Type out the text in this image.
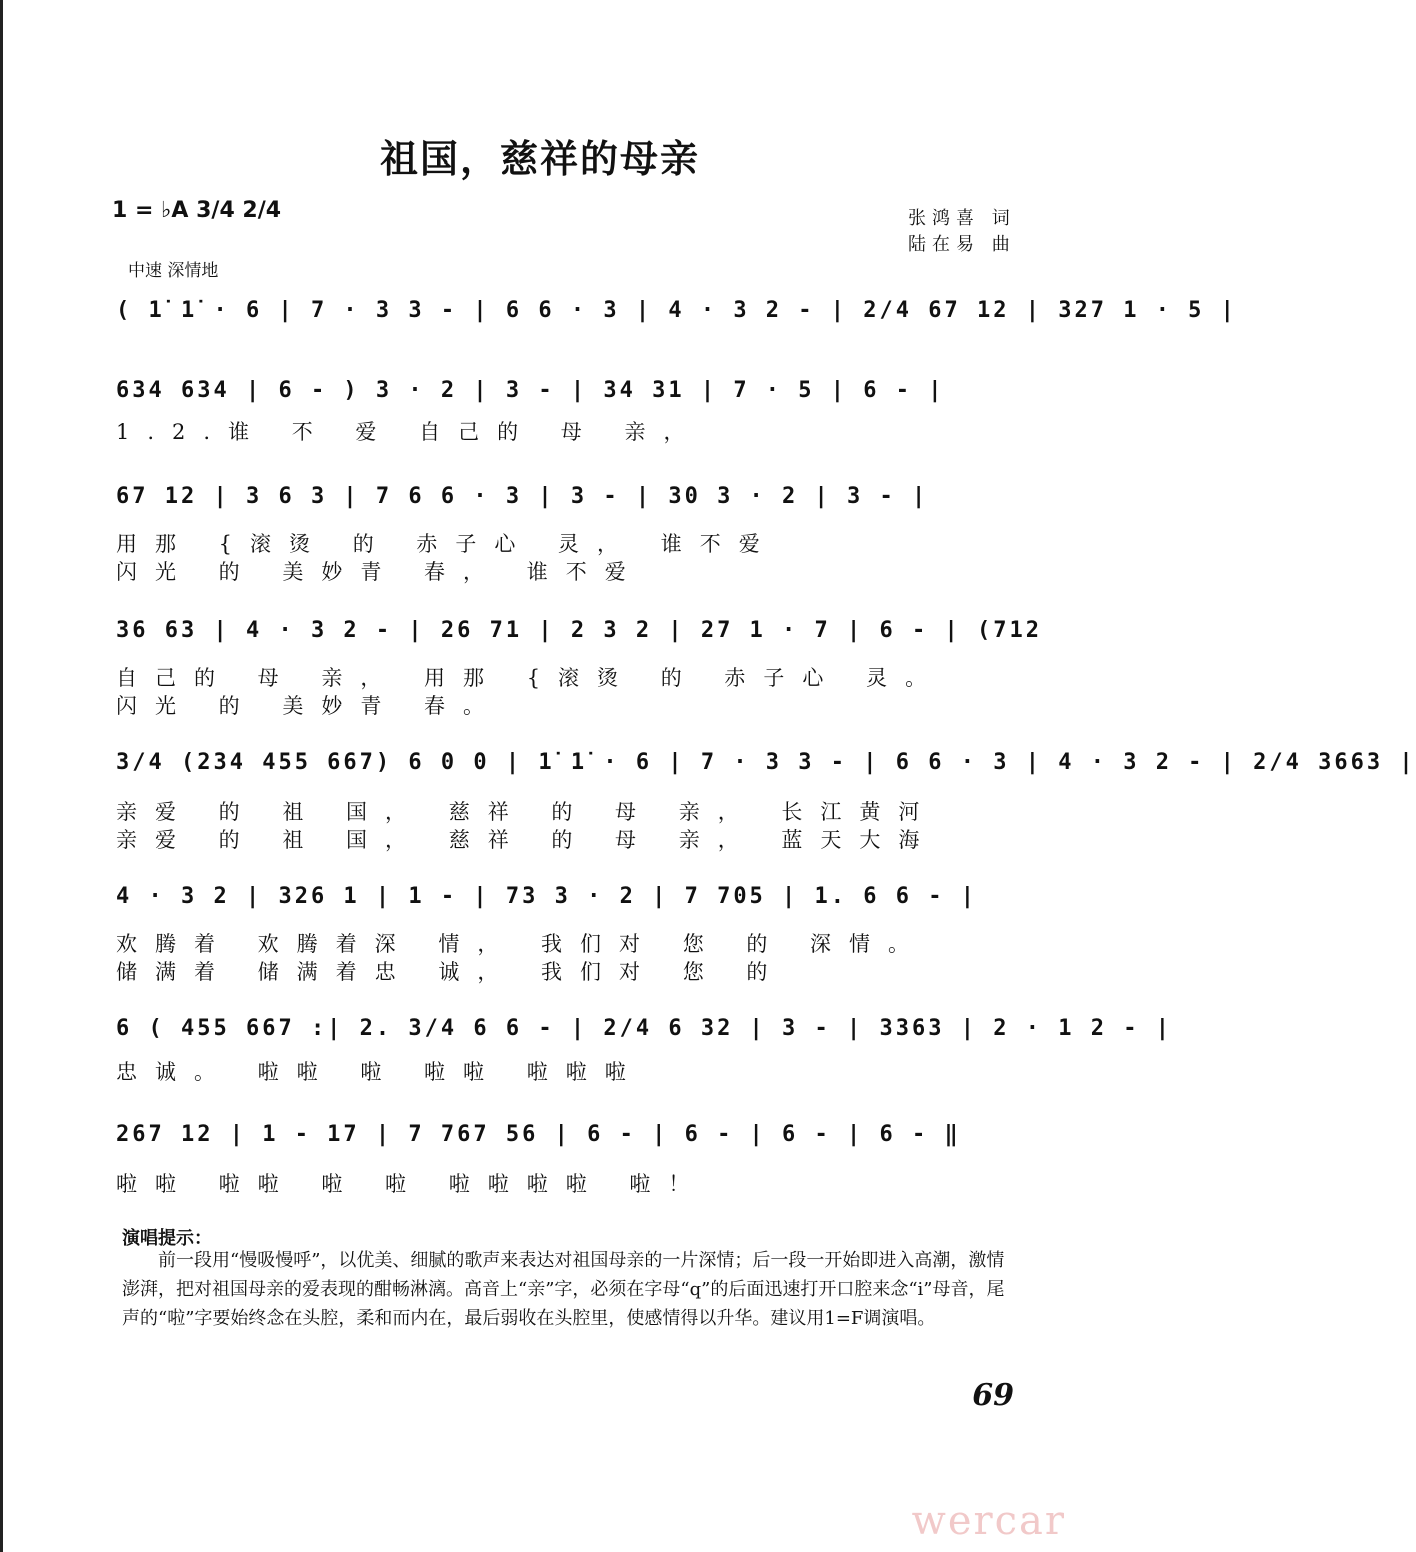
祖国，慈祥的母亲
1 = ♭A 3/4 2/4	张鸿喜 词
陆在易 曲
中速 深情地
( 1̇ 1̇ · 6 | 7 · 3 3 - | 6 6 · 3 | 4 · 3 2 - | 2/4 67 12 | 327 1 · 5 |
634 634 | 6 - ) 3 · 2 | 3 - | 34 31 | 7 · 5 | 6 - |
1.2.谁 不 爱 自己的 母 亲，
67 12 | 3 6 3 | 7 6 6 · 3 | 3 - | 30 3 · 2 | 3 - |
用那 {滚烫 的 赤子心 灵， 谁不爱
闪光 的 美妙青 春， 谁不爱
36 63 | 4 · 3 2 - | 26 71 | 2 3 2 | 27 1 · 7 | 6 - | (712
自己的 母 亲， 用那 {滚烫 的 赤子心 灵。
闪光 的 美妙青 春。
3/4 (234 455 667) 6 0 0 | 1̇ 1̇ · 6 | 7 · 3 3 - | 6 6 · 3 | 4 · 3 2 - | 2/4 3663 |
亲爱 的 祖 国， 慈祥 的 母 亲， 长江黄河
亲爱 的 祖 国， 慈祥 的 母 亲， 蓝天大海
4 · 3 2 | 326 1 | 1 - | 73 3 · 2 | 7 705 | 1. 6 6 - |
欢腾着 欢腾着深 情， 我们对 您 的 深情。
储满着 储满着忠 诚， 我们对 您 的
6 ( 455 667 :| 2. 3/4 6 6 - | 2/4 6 32 | 3 - | 3363 | 2 · 1 2 - |
忠诚。 啦啦 啦 啦啦 啦啦啦
267 12 | 1 - 17 | 7 767 56 | 6 - | 6 - | 6 - | 6 - ‖
啦啦 啦啦 啦 啦 啦啦啦啦 啦！
演唱提示：
前一段用“慢吸慢呼”，以优美、细腻的歌声来表达对祖国母亲的一片深情；后一段一开始即进入高潮，激情澎湃，把对祖国母亲的爱表现的酣畅淋漓。高音上“亲”字，必须在字母“q”的后面迅速打开口腔来念“i”母音，尾声的“啦”字要始终念在头腔，柔和而内在，最后弱收在头腔里，使感情得以升华。建议用1=F调演唱。
69
wercar
